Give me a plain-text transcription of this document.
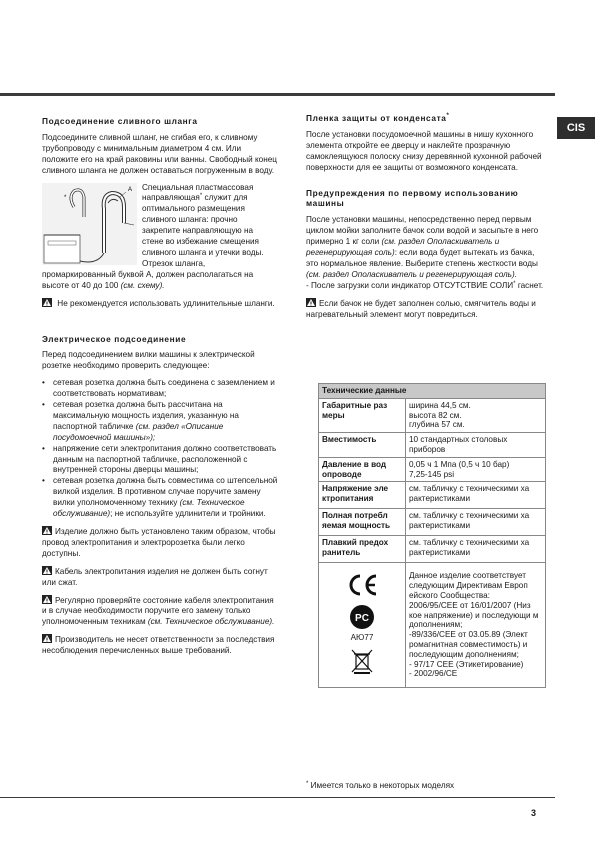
CIS
Подсоединение сливного шланга

Подсоедините сливной шланг, не сгибая его, к сливному трубопроводу с минимальным диаметром 4 см. Или положите его на край раковины или ванны. Свободный конец сливного шланга не должен оставаться погруженным в воду.

*
A Специальная пластмассовая направляющая* служит для оптимального размещения сливного шланга: прочно закрепите направляющую на стене во избежание смещения сливного шланга и утечки воды.
Отрезок шланга,

промаркированный буквой А, должен располагаться на высоте от 40 до 100 (см. схему).

Не рекомендуется использовать удлинительные шланги.

Электрическое подсоединение

Перед подсоединением вилки машины к электрической розетке необходимо проверить следующее:

• сетевая розетка должна быть соединена с заземлением и соответствовать нормативам;
• сетевая розетка должна быть рассчитана на максимальную мощность изделия, указанную на паспортной табличке (см. раздел «Описание посудомоечной машины»);
• напряжение сети электропитания должно соответствовать данным на паспортной табличке, расположенной с внутренней стороны дверцы машины;
• сетевая розетка должна быть совместима со штепсельной вилкой изделия. В противном случае поручите замену вилки уполномоченному технику (см. Техническое обслуживание); не используйте удлинители и тройники.

Изделие должно быть установлено таким образом, чтобы провод электропитания и электророзетка были легко доступны.

Кабель электропитания изделия не должен быть согнут или сжат.

Регулярно проверяйте состояние кабеля электропитания и в случае необходимости поручите его замену только уполномоченным техникам (см. Техническое обслуживание).

Производитель не несет ответственности за последствия несоблюдения перечисленных выше требований.

Пленка защиты от конденсата*

После установки посудомоечной машины в нишу кухонного элемента откройте ее дверцу и наклейте прозрачную самоклеящуюся полоску снизу деревянной кухонной рабочей поверхности для ее защиты от возможного конденсата.

Предупреждения по первому использованию машины

После установки машины, непосредственно перед первым циклом мойки заполните бачок соли водой и засыпьте в него примерно 1 кг соли (см. раздел Ополаскиватель и регенерирующая соль): если вода будет вытекать из бачка, это нормальное явление. Выберите степень жесткости воды (см. раздел Ополаскиватель и регенерирующая соль).

- После загрузки соли индикатор ОТСУТСТВИЕ СОЛИ* гаснет.

Если бачок не будет заполнен солью, смягчитель воды и нагревательный элемент могут повредиться.

Технические данные	
Габаритные раз меры	ширина 44,5 см.
высота 82 см.
глубина 57 см.
Вместимость	10 стандартных столовых приборов
Давление в вод опроводе	0,05 ч 1 Мпа (0,5 ч 10 бар)
7,25-145 psi
Напряжение эле ктропитания	см. табличку с техническими ха рактеристиками
Полная потребл яемая мощность	см. табличку с техническими ха рактеристиками
Плавкий предох ранитель	см. табличку с техническими ха рактеристиками

PC

АЮ77	Данное изделие соответствует следующим Директивам Европ ейского Сообщества:
2006/95/CEE от 16/01/2007 (Низ кое напряжение) и последующи м дополнениям;
-89/336/CEE от 03.05.89 (Элект ромагнитная совместимость) и последующим дополнениям;
- 97/17 CEE (Этикетирование)
- 2002/96/CE
* Имеется только в некоторых моделях
3
